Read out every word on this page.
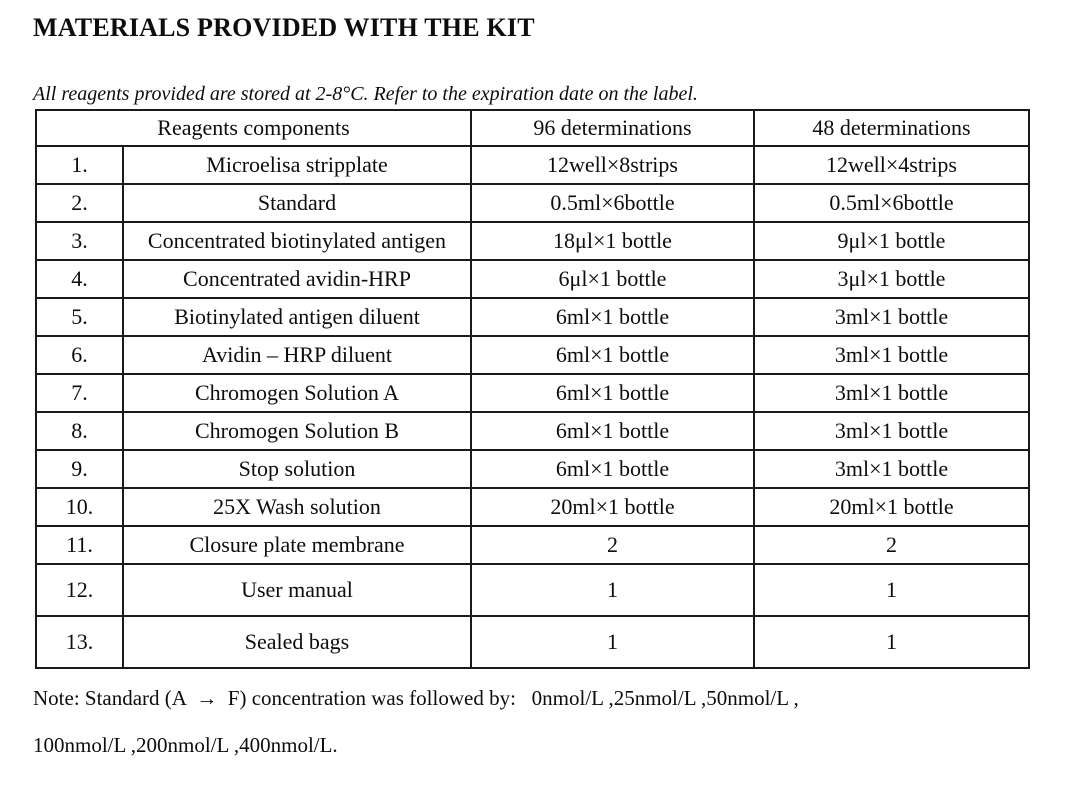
MATERIALS PROVIDED WITH THE KIT

All reagents provided are stored at 2-8°C. Refer to the expiration date on the label.

Reagents components		96 determinations	48 determinations
1.	Microelisa stripplate	12well×8strips	12well×4strips
2.	Standard	0.5ml×6bottle	0.5ml×6bottle
3.	Concentrated biotinylated antigen	18μl×1 bottle	9μl×1 bottle
4.	Concentrated avidin-HRP	6μl×1 bottle	3μl×1 bottle
5.	Biotinylated antigen diluent	6ml×1 bottle	3ml×1 bottle
6.	Avidin – HRP diluent	6ml×1 bottle	3ml×1 bottle
7.	Chromogen Solution A	6ml×1 bottle	3ml×1 bottle
8.	Chromogen Solution B	6ml×1 bottle	3ml×1 bottle
9.	Stop solution	6ml×1 bottle	3ml×1 bottle
10.	25X Wash solution	20ml×1 bottle	20ml×1 bottle
11.	Closure plate membrane	2	2
12.	User manual	1	1
13.	Sealed bags	1	1

Note: Standard (A  →  F) concentration was followed by:   0nmol/L ,25nmol/L ,50nmol/L ,

100nmol/L ,200nmol/L ,400nmol/L.
